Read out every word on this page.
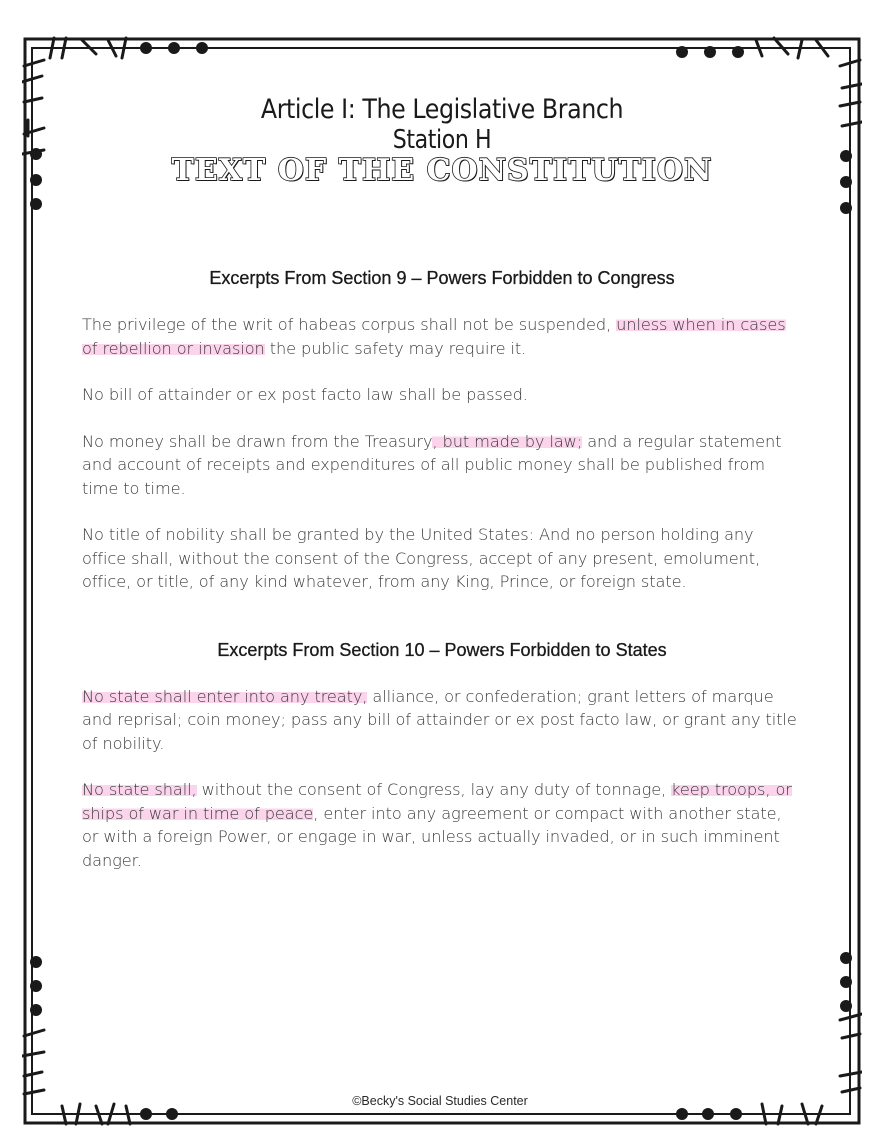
Article I: The Legislative Branch
Station H
TEXT OF THE CONSTITUTION
Excerpts From Section 9 – Powers Forbidden to Congress

The privilege of the writ of habeas corpus shall not be suspended, unless when in cases of rebellion or invasion the public safety may require it.

No bill of attainder or ex post facto law shall be passed.

No money shall be drawn from the Treasury, but made by law; and a regular statement and account of receipts and expenditures of all public money shall be published from time to time.

No title of nobility shall be granted by the United States: And no person holding any office shall, without the consent of the Congress, accept of any present, emolument, office, or title, of any kind whatever, from any King, Prince, or foreign state.

Excerpts From Section 10 – Powers Forbidden to States

No state shall enter into any treaty, alliance, or confederation; grant letters of marque and reprisal; coin money; pass any bill of attainder or ex post facto law, or grant any title of nobility.

No state shall, without the consent of Congress, lay any duty of tonnage, keep troops, or ships of war in time of peace, enter into any agreement or compact with another state, or with a foreign Power, or engage in war, unless actually invaded, or in such imminent danger.

©Becky's Social Studies Center
